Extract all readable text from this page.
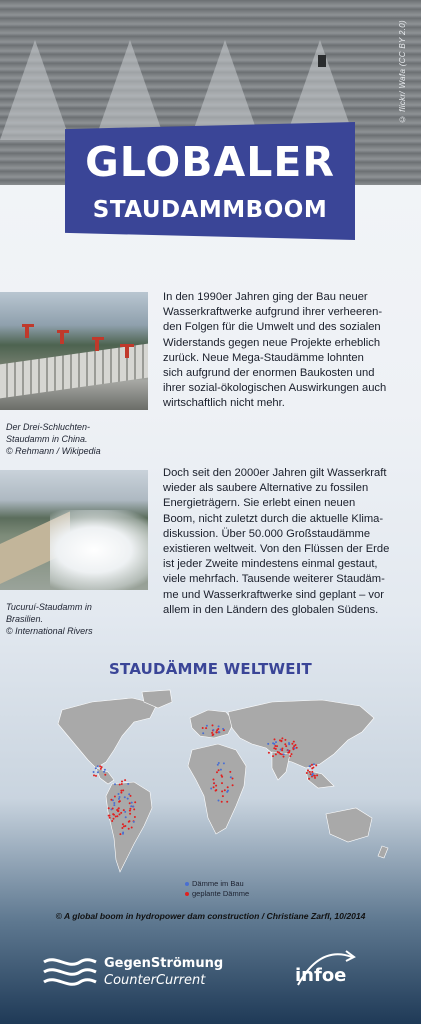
© flickr/ Wafa (CC BY 2.0)
GLOBALER
STAUDAMMBOOM
Der Drei-Schluchten-
Staudamm in China.
© Rehmann / Wikipedia
In den 1990er Jahren ging der Bau neuer
Wasserkraftwerke aufgrund ihrer verheeren-
den Folgen für die Umwelt und des sozialen
Widerstands gegen neue Projekte erheblich
zurück. Neue Mega-Staudämme lohnten
sich aufgrund der enormen Baukosten und
ihrer sozial-ökologischen Auswirkungen auch
wirtschaftlich nicht mehr.
Tucuruí-Staudamm in
Brasilien.
© International Rivers
Doch seit den 2000er Jahren gilt Wasserkraft
wieder als saubere Alternative zu fossilen
Energieträgern. Sie erlebt einen neuen
Boom, nicht zuletzt durch die aktuelle Klima-
diskussion. Über 50.000 Großstaudämme
existieren weltweit. Von den Flüssen der Erde
ist jeder Zweite mindestens einmal gestaut,
viele mehrfach. Tausende weiterer Staudäm-
me und Wasserkraftwerke sind geplant – vor
allem in den Ländern des globalen Südens.
STAUDÄMME WELTWEIT
Dämme im Bau
geplante Dämme
© A global boom in hydropower dam construction / Christiane Zarfl, 10/2014
GegenStrömung
CounterCurrent	infoe
